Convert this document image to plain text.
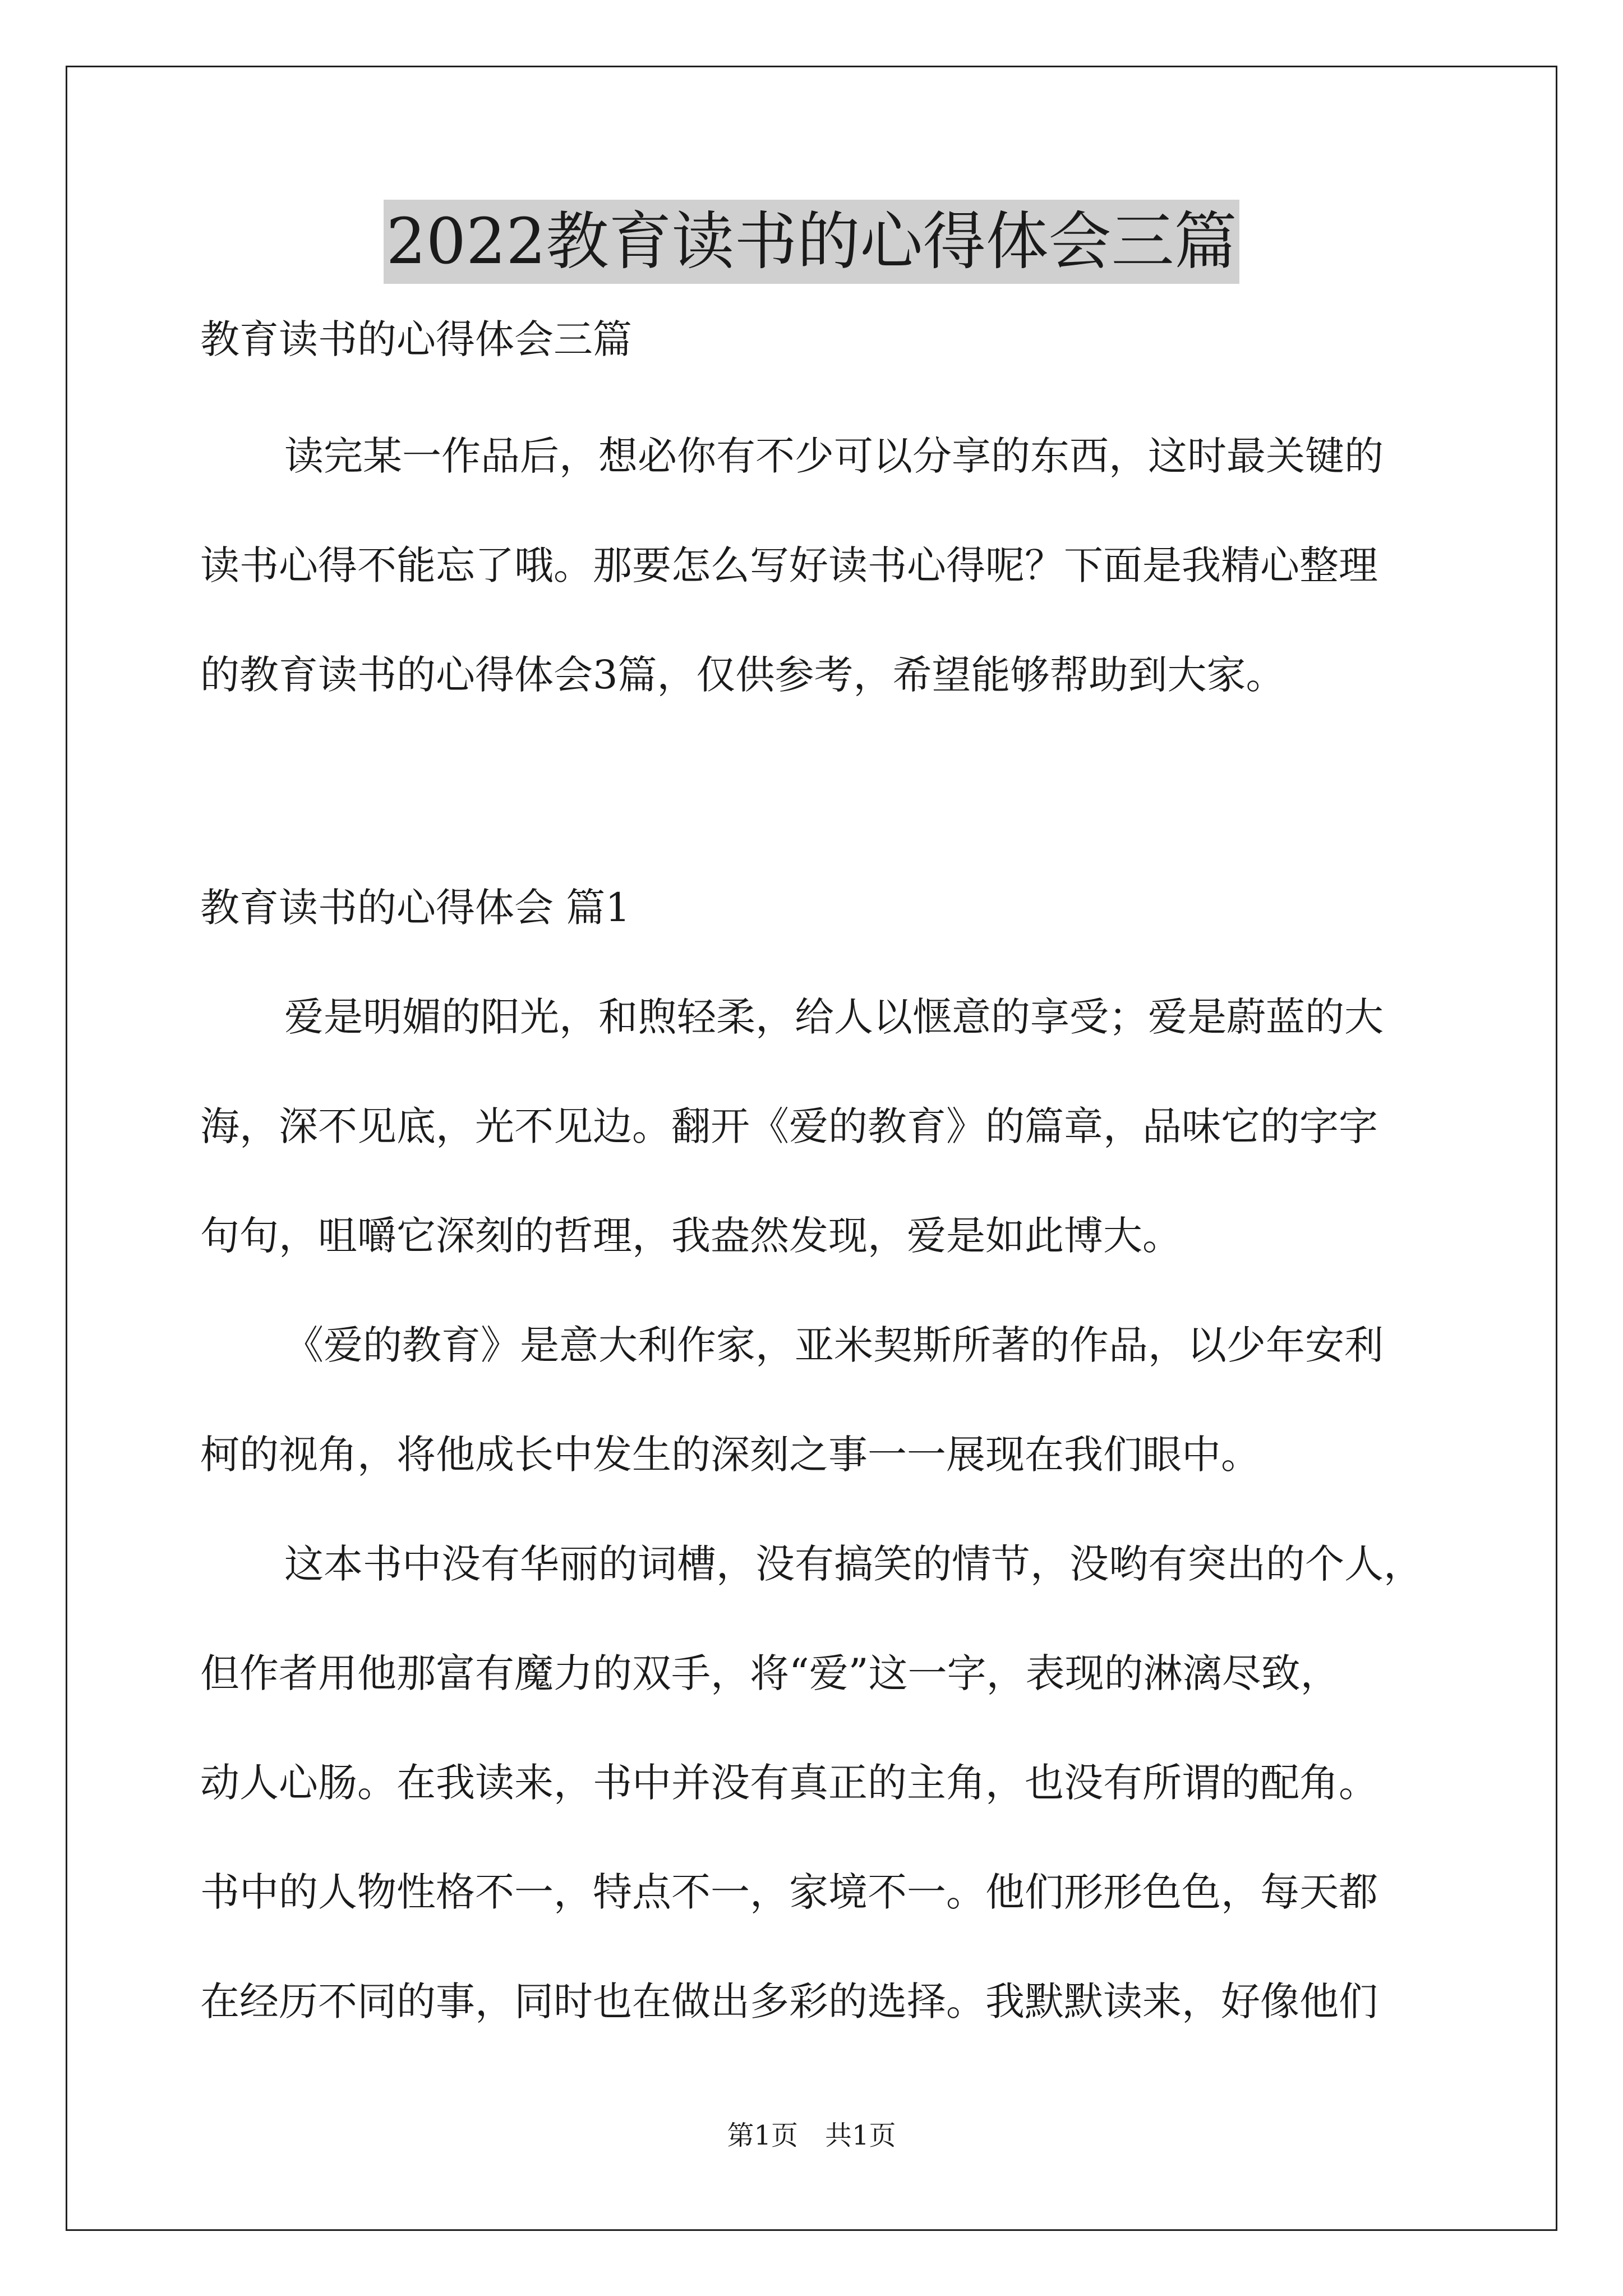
2022教育读书的心得体会三篇

教育读书的心得体会三篇

读完某一作品后，想必你有不少可以分享的东西，这时最关键的

读书心得不能忘了哦。那要怎么写好读书心得呢？下面是我精心整理

的教育读书的心得体会3篇，仅供参考，希望能够帮助到大家。

教育读书的心得体会 篇1

爱是明媚的阳光，和煦轻柔，给人以惬意的享受；爱是蔚蓝的大

海，深不见底，光不见边。翻开《爱的教育》的篇章，品味它的字字

句句，咀嚼它深刻的哲理，我盎然发现，爱是如此博大。

《爱的教育》是意大利作家，亚米契斯所著的作品，以少年安利

柯的视角，将他成长中发生的深刻之事一一展现在我们眼中。

这本书中没有华丽的词槽，没有搞笑的情节，没哟有突出的个人，

但作者用他那富有魔力的双手，将“爱”这一字，表现的淋漓尽致，

动人心肠。在我读来，书中并没有真正的主角，也没有所谓的配角。

书中的人物性格不一，特点不一，家境不一。他们形形色色，每天都

在经历不同的事，同时也在做出多彩的选择。我默默读来，好像他们

第1页　共1页
